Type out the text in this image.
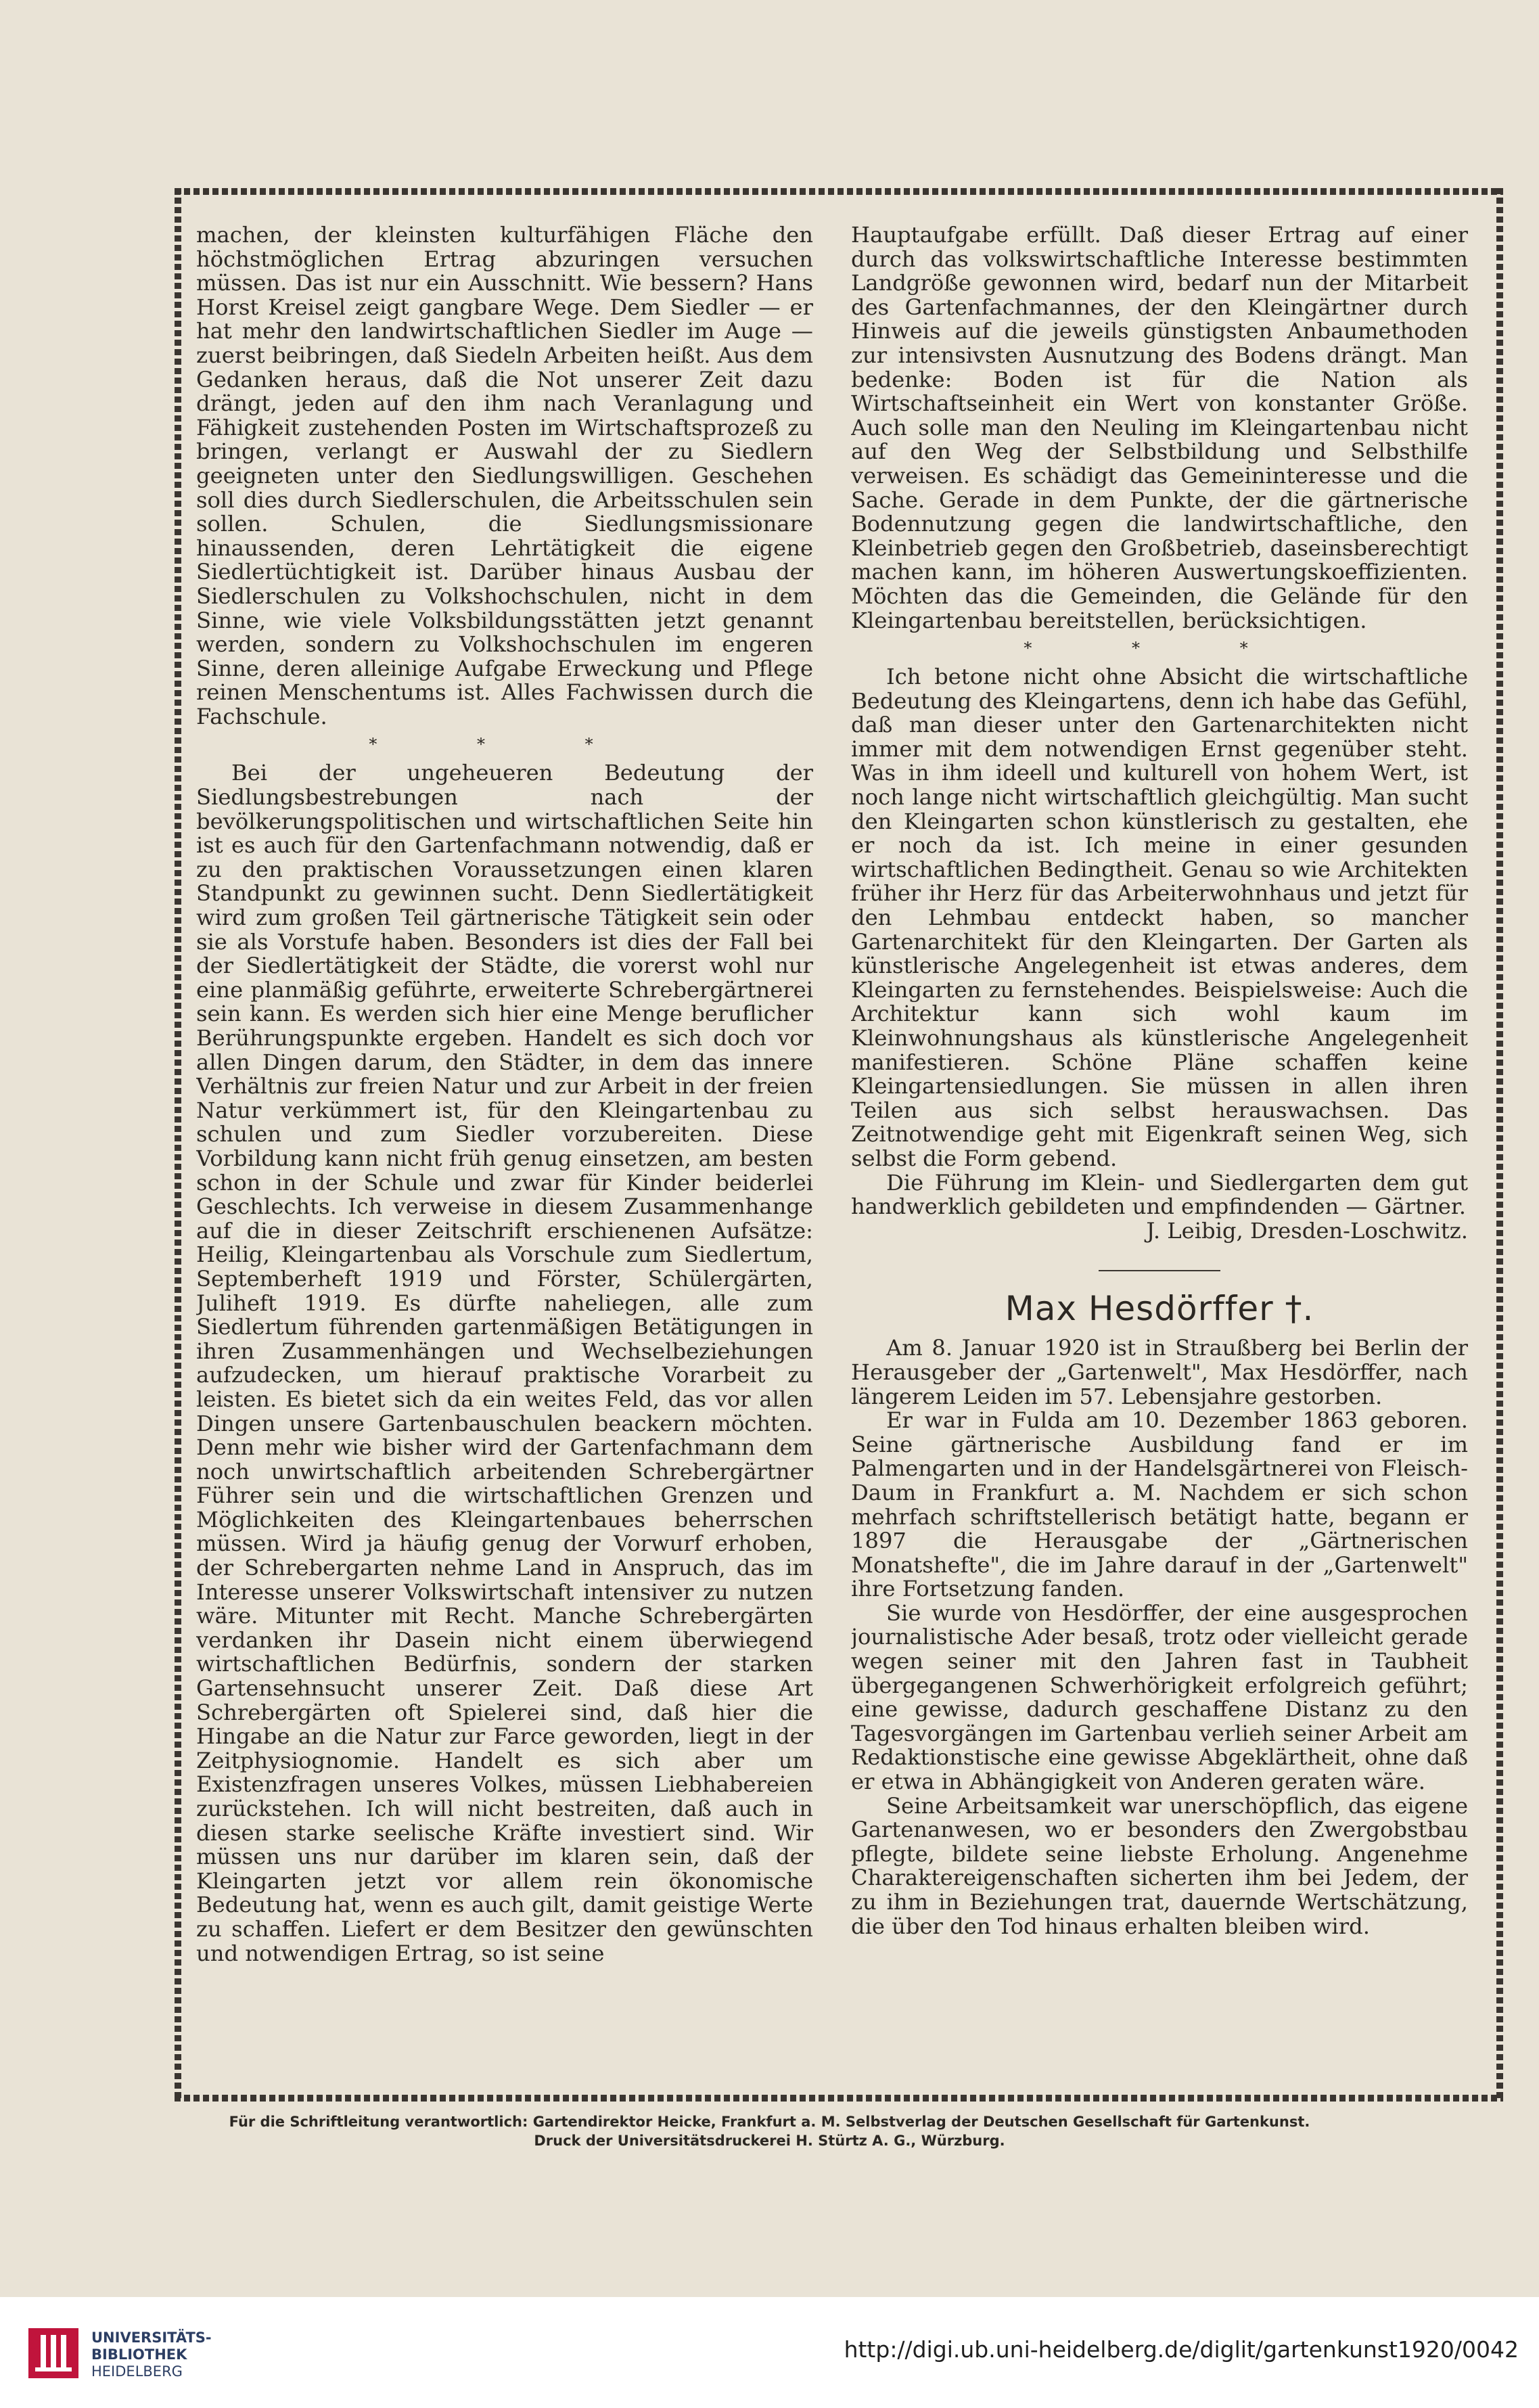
machen, der kleinsten kulturfähigen Fläche den höchstmöglichen Ertrag abzuringen versuchen müssen. Das ist nur ein Ausschnitt. Wie bessern? Hans Horst Kreisel zeigt gangbare Wege. Dem Siedler — er hat mehr den landwirtschaftlichen Siedler im Auge — zuerst beibringen, daß Siedeln Arbeiten heißt. Aus dem Gedanken heraus, daß die Not unserer Zeit dazu drängt, jeden auf den ihm nach Veranlagung und Fähigkeit zustehenden Posten im Wirtschaftsprozeß zu bringen, verlangt er Auswahl der zu Siedlern geeigneten unter den Siedlungswilligen. Geschehen soll dies durch Siedlerschulen, die Arbeitsschulen sein sollen. Schulen, die Siedlungsmissionare hinaussenden, deren Lehrtätigkeit die eigene Siedlertüchtigkeit ist. Darüber hinaus Ausbau der Siedlerschulen zu Volkshochschulen, nicht in dem Sinne, wie viele Volksbildungsstätten jetzt genannt werden, sondern zu Volkshochschulen im engeren Sinne, deren alleinige Aufgabe Erweckung und Pflege reinen Menschentums ist. Alles Fachwissen durch die Fachschule.

* * *

Bei der ungeheueren Bedeutung der Siedlungsbestrebungen nach der bevölkerungspolitischen und wirtschaftlichen Seite hin ist es auch für den Gartenfachmann notwendig, daß er zu den praktischen Voraussetzungen einen klaren Standpunkt zu gewinnen sucht. Denn Siedlertätigkeit wird zum großen Teil gärtnerische Tätigkeit sein oder sie als Vorstufe haben. Besonders ist dies der Fall bei der Siedlertätigkeit der Städte, die vorerst wohl nur eine planmäßig geführte, erweiterte Schrebergärtnerei sein kann. Es werden sich hier eine Menge beruflicher Berührungspunkte ergeben. Handelt es sich doch vor allen Dingen darum, den Städter, in dem das innere Verhältnis zur freien Natur und zur Arbeit in der freien Natur verkümmert ist, für den Kleingartenbau zu schulen und zum Siedler vorzubereiten. Diese Vorbildung kann nicht früh genug einsetzen, am besten schon in der Schule und zwar für Kinder beiderlei Geschlechts. Ich verweise in diesem Zusammenhange auf die in dieser Zeitschrift erschienenen Aufsätze: Heilig, Kleingartenbau als Vorschule zum Siedlertum, Septemberheft 1919 und Förster, Schülergärten, Juliheft 1919. Es dürfte naheliegen, alle zum Siedlertum führenden gartenmäßigen Betätigungen in ihren Zusammenhängen und Wechselbeziehungen aufzudecken, um hierauf praktische Vorarbeit zu leisten. Es bietet sich da ein weites Feld, das vor allen Dingen unsere Gartenbauschulen beackern möchten. Denn mehr wie bisher wird der Gartenfachmann dem noch unwirtschaftlich arbeitenden Schrebergärtner Führer sein und die wirtschaftlichen Grenzen und Möglichkeiten des Kleingartenbaues beherrschen müssen. Wird ja häufig genug der Vorwurf erhoben, der Schrebergarten nehme Land in Anspruch, das im Interesse unserer Volkswirtschaft intensiver zu nutzen wäre. Mitunter mit Recht. Manche Schrebergärten verdanken ihr Dasein nicht einem überwiegend wirtschaftlichen Bedürfnis, sondern der starken Gartensehnsucht unserer Zeit. Daß diese Art Schrebergärten oft Spielerei sind, daß hier die Hingabe an die Natur zur Farce geworden, liegt in der Zeitphysiognomie. Handelt es sich aber um Existenzfragen unseres Volkes, müssen Liebhabereien zurückstehen. Ich will nicht bestreiten, daß auch in diesen starke seelische Kräfte investiert sind. Wir müssen uns nur darüber im klaren sein, daß der Kleingarten jetzt vor allem rein ökonomische Bedeutung hat, wenn es auch gilt, damit geistige Werte zu schaffen. Liefert er dem Besitzer den gewünschten und notwendigen Ertrag, so ist seine

Hauptaufgabe erfüllt. Daß dieser Ertrag auf einer durch das volkswirtschaftliche Interesse bestimmten Landgröße gewonnen wird, bedarf nun der Mitarbeit des Gartenfachmannes, der den Kleingärtner durch Hinweis auf die jeweils günstigsten Anbaumethoden zur intensivsten Ausnutzung des Bodens drängt. Man bedenke: Boden ist für die Nation als Wirtschaftseinheit ein Wert von konstanter Größe. Auch solle man den Neuling im Kleingartenbau nicht auf den Weg der Selbstbildung und Selbsthilfe verweisen. Es schädigt das Gemeininteresse und die Sache. Gerade in dem Punkte, der die gärtnerische Bodennutzung gegen die landwirtschaftliche, den Kleinbetrieb gegen den Großbetrieb, daseinsberechtigt machen kann, im höheren Auswertungskoeffizienten. Möchten das die Gemeinden, die Gelände für den Kleingartenbau bereitstellen, berücksichtigen.

* * *

Ich betone nicht ohne Absicht die wirtschaftliche Bedeutung des Kleingartens, denn ich habe das Gefühl, daß man dieser unter den Gartenarchitekten nicht immer mit dem notwendigen Ernst gegenüber steht. Was in ihm ideell und kulturell von hohem Wert, ist noch lange nicht wirtschaftlich gleichgültig. Man sucht den Kleingarten schon künstlerisch zu gestalten, ehe er noch da ist. Ich meine in einer gesunden wirtschaftlichen Bedingtheit. Genau so wie Architekten früher ihr Herz für das Arbeiterwohnhaus und jetzt für den Lehmbau entdeckt haben, so mancher Gartenarchitekt für den Kleingarten. Der Garten als künstlerische Angelegenheit ist etwas anderes, dem Kleingarten zu fernstehendes. Beispielsweise: Auch die Architektur kann sich wohl kaum im Kleinwohnungshaus als künstlerische Angelegenheit manifestieren. Schöne Pläne schaffen keine Kleingartensiedlungen. Sie müssen in allen ihren Teilen aus sich selbst herauswachsen. Das Zeitnotwendige geht mit Eigenkraft seinen Weg, sich selbst die Form gebend.

Die Führung im Klein- und Siedlergarten dem gut handwerklich gebildeten und empfindenden — Gärtner.

J. Leibig, Dresden-Loschwitz.
Max Hesdörffer †.

Am 8. Januar 1920 ist in Straußberg bei Berlin der Herausgeber der „Gartenwelt", Max Hesdörffer, nach längerem Leiden im 57. Lebensjahre gestorben.

Er war in Fulda am 10. Dezember 1863 geboren. Seine gärtnerische Ausbildung fand er im Palmengarten und in der Handelsgärtnerei von Fleisch-Daum in Frankfurt a. M. Nachdem er sich schon mehrfach schriftstellerisch betätigt hatte, begann er 1897 die Herausgabe der „Gärtnerischen Monatshefte", die im Jahre darauf in der „Gartenwelt" ihre Fortsetzung fanden.

Sie wurde von Hesdörffer, der eine ausgesprochen journalistische Ader besaß, trotz oder vielleicht gerade wegen seiner mit den Jahren fast in Taubheit übergegangenen Schwerhörigkeit erfolgreich geführt; eine gewisse, dadurch geschaffene Distanz zu den Tagesvorgängen im Gartenbau verlieh seiner Arbeit am Redaktionstische eine gewisse Abgeklärtheit, ohne daß er etwa in Abhängigkeit von Anderen geraten wäre.

Seine Arbeitsamkeit war unerschöpflich, das eigene Gartenanwesen, wo er besonders den Zwergobstbau pflegte, bildete seine liebste Erholung. Angenehme Charaktereigenschaften sicherten ihm bei Jedem, der zu ihm in Beziehungen trat, dauernde Wertschätzung, die über den Tod hinaus erhalten bleiben wird.

Für die Schriftleitung verantwortlich: Gartendirektor Heicke, Frankfurt a. M. Selbstverlag der Deutschen Gesellschaft für Gartenkunst.
Druck der Universitätsdruckerei H. Stürtz A. G., Würzburg.
UNIVERSITÄTS-
BIBLIOTHEK
HEIDELBERG
http://digi.ub.uni-heidelberg.de/diglit/gartenkunst1920/0042
